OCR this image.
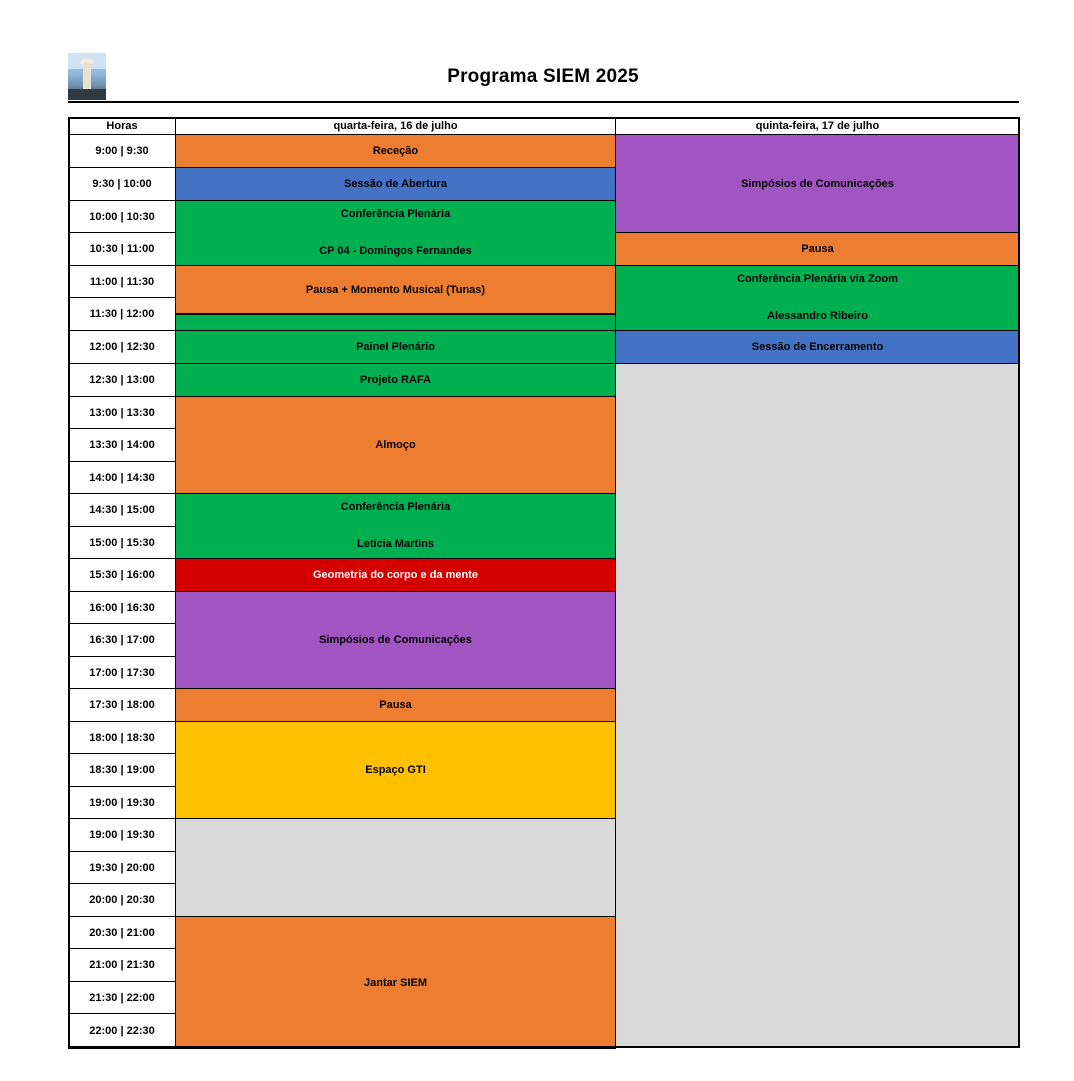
Programa SIEM 2025
Horas	quarta-feira, 16 de julho	quinta-feira, 17 de julho
9:00 | 9:30
9:30 | 10:00
10:00 | 10:30
10:30 | 11:00
11:00 | 11:30
11:30 | 12:00
12:00 | 12:30
12:30 | 13:00
13:00 | 13:30
13:30 | 14:00
14:00 | 14:30
14:30 | 15:00
15:00 | 15:30
15:30 | 16:00
16:00 | 16:30
16:30 | 17:00
17:00 | 17:30
17:30 | 18:00
18:00 | 18:30
18:30 | 19:00
19:00 | 19:30
19:00 | 19:30
19:30 | 20:00
20:00 | 20:30
20:30 | 21:00
21:00 | 21:30
21:30 | 22:00
22:00 | 22:30
Receção
Sessão de Abertura
Pausa + Momento Musical (Tunas)
Painel Plenário
Projeto RAFA
Almoço
Geometria do corpo e da mente
Simpósios de Comunicações
Pausa
Espaço GTI
Jantar SIEM
Conferência Plenária
CP 04 - Domingos Fernandes
Conferência Plenária
Letícia Martins
Simpósios de Comunicações
Pausa
Conferência Plenária via Zoom
Alessandro Ribeiro
Sessão de Encerramento
